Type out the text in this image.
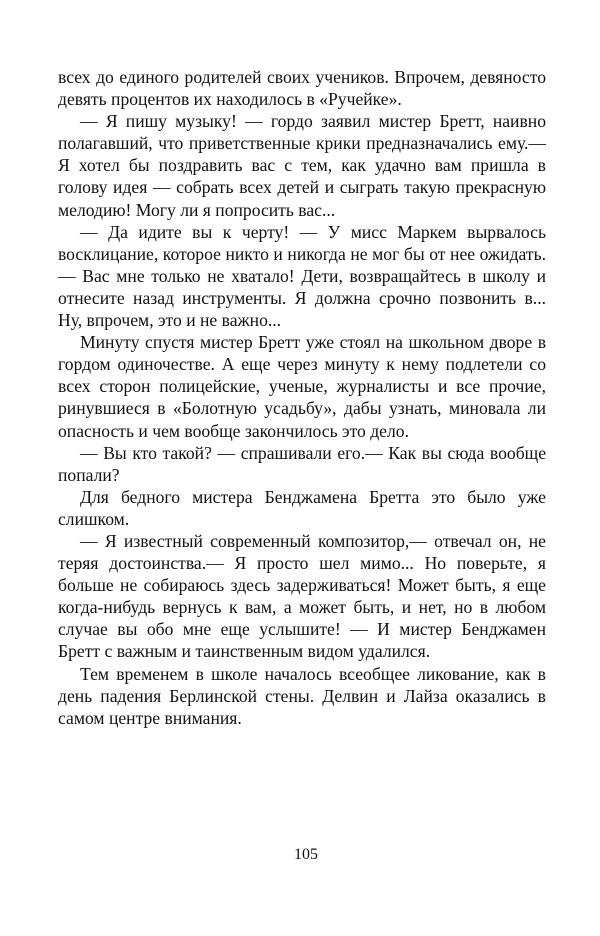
всех до единого родителей своих учеников. Впрочем, девяносто девять процентов их находилось в «Ручейке».

— Я пишу музыку! — гордо заявил мистер Бретт, наивно полагавший, что приветственные крики предназначались ему.— Я хотел бы поздравить вас с тем, как удачно вам пришла в голову идея — собрать всех детей и сыграть такую прекрасную мелодию! Могу ли я попросить вас...

— Да идите вы к черту! — У мисс Маркем вырвалось восклицание, которое никто и никогда не мог бы от нее ожидать.— Вас мне только не хватало! Дети, возвращайтесь в школу и отнесите назад инструменты. Я должна срочно позвонить в... Ну, впрочем, это и не важно...

Минуту спустя мистер Бретт уже стоял на школьном дворе в гордом одиночестве. А еще через минуту к нему подлетели со всех сторон полицейские, ученые, журналисты и все прочие, ринувшиеся в «Болотную усадьбу», дабы узнать, миновала ли опасность и чем вообще закончилось это дело.

— Вы кто такой? — спрашивали его.— Как вы сюда вообще попали?

Для бедного мистера Бенджамена Бретта это было уже слишком.

— Я известный современный композитор,— отвечал он, не теряя достоинства.— Я просто шел мимо... Но поверьте, я больше не собираюсь здесь задерживаться! Может быть, я еще когда-нибудь вернусь к вам, а может быть, и нет, но в любом случае вы обо мне еще услышите! — И мистер Бенджамен Бретт с важным и таинственным видом удалился.

Тем временем в школе началось всеобщее ликование, как в день падения Берлинской стены. Делвин и Лайза оказались в самом центре внимания.

105
